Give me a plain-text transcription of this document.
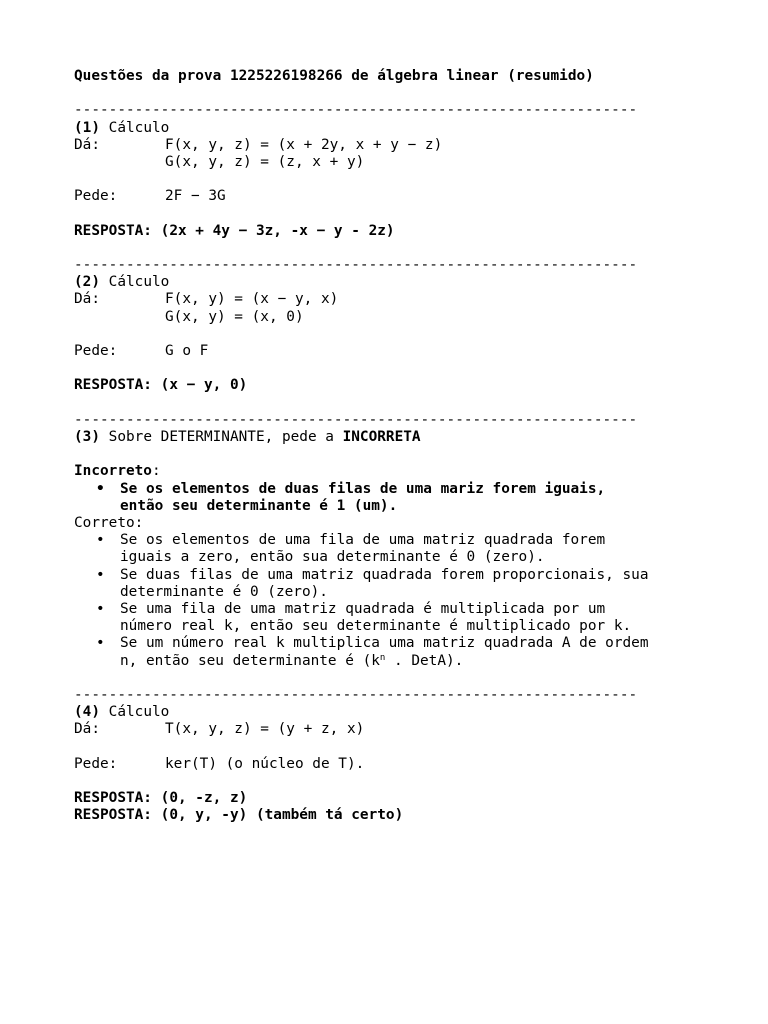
Questões da prova 1225226198266 de álgebra linear (resumido)
-----------------------------------------------------------------
(1) Cálculo
Dá:	F(x, y, z) = (x + 2y, x + y − z)
G(x, y, z) = (z, x + y)
Pede:	2F − 3G
RESPOSTA: (2x + 4y − 3z, -x − y - 2z)
-----------------------------------------------------------------
(2) Cálculo
Dá:	F(x, y) = (x − y, x)
G(x, y) = (x, 0)
Pede:	G o F
RESPOSTA: (x − y, 0)
-----------------------------------------------------------------
(3) Sobre DETERMINANTE, pede a INCORRETA
Incorreto:
• Se os elementos de duas filas de uma mariz forem iguais,
então seu determinante é 1 (um).
Correto:
• Se os elementos de uma fila de uma matriz quadrada forem
iguais a zero, então sua determinante é 0 (zero).
• Se duas filas de uma matriz quadrada forem proporcionais, sua
determinante é 0 (zero).
• Se uma fila de uma matriz quadrada é multiplicada por um
número real k, então seu determinante é multiplicado por k.
• Se um número real k multiplica uma matriz quadrada A de ordem
n, então seu determinante é ($k^n$ . DetA).
-----------------------------------------------------------------
(4) Cálculo
Dá:	T(x, y, z) = (y + z, x)
Pede:	ker(T) (o núcleo de T).
RESPOSTA: (0, -z, z)
RESPOSTA: (0, y, -y) (também tá certo)
